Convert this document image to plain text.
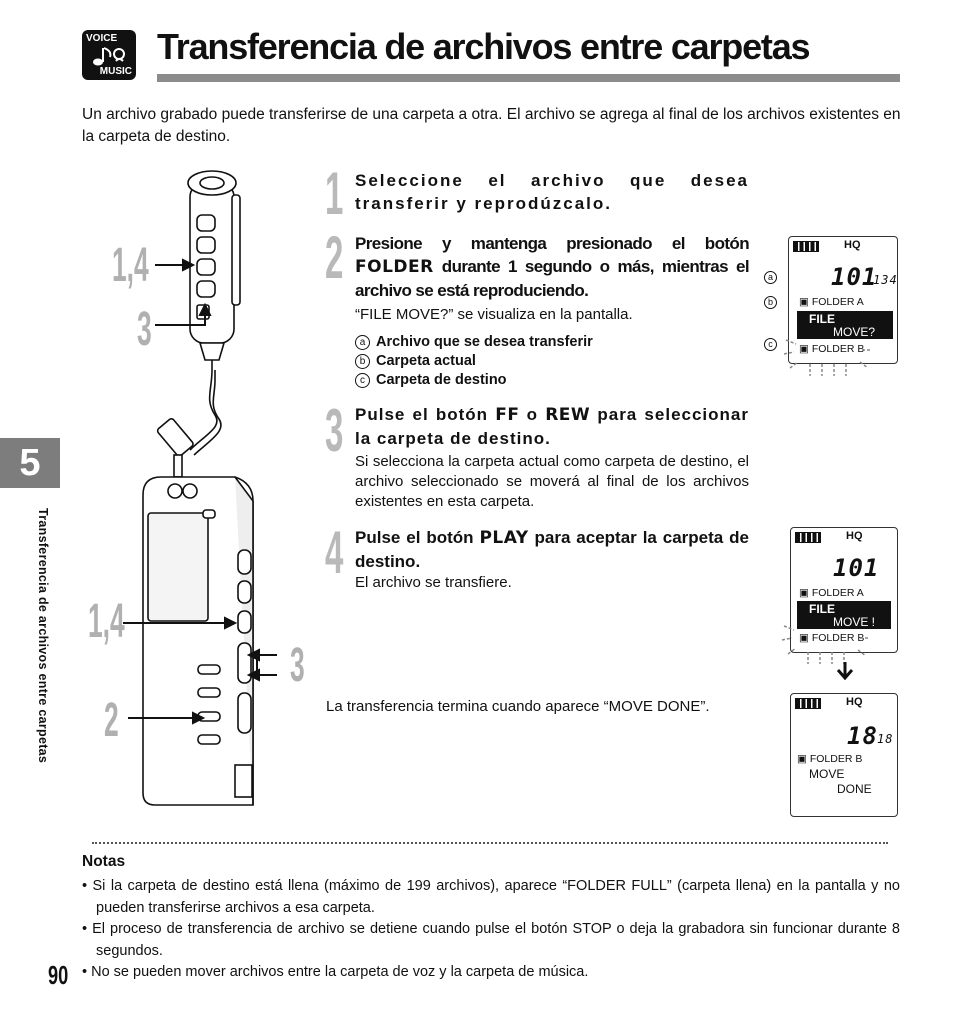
VOICE
MUSIC
Transferencia de archivos entre carpetas
Un archivo grabado puede transferirse de una carpeta a otra. El archivo se agrega al final de los archivos existentes en la carpeta de destino.
5
Transferencia de archivos entre carpetas
1,4
3
1,4
3
2
1 Seleccione el archivo que desea transferir y reprodúzcalo.
2 Presione y mantenga presionado el botón FOLDER durante 1 segundo o más, mientras el archivo se está reproduciendo.
“FILE MOVE?” se visualiza en la pantalla.
a Archivo que se desea transferir
b Carpeta actual
c Carpeta de destino
3 Pulse el botón FF o REW para seleccionar la carpeta de destino.
Si selecciona la carpeta actual como carpeta de destino, el archivo seleccionado se moverá al final de los archivos existentes en esta carpeta.
4 Pulse el botón PLAY para aceptar la carpeta de destino.
El archivo se transfiere.
La transferencia termina cuando aparece “MOVE DONE”.
a
b
c
HQ
101
134
▣ FOLDER A
FILE
MOVE?
▣ FOLDER B
HQ
101
▣ FOLDER A
FILE
MOVE !
▣ FOLDER B
HQ
18 18
▣ FOLDER B
MOVE
DONE
Notas
• Si la carpeta de destino está llena (máximo de 199 archivos), aparece “FOLDER FULL” (carpeta llena) en la pantalla y no pueden transferirse archivos a esa carpeta.
• El proceso de transferencia de archivo se detiene cuando pulse el botón STOP o deja la grabadora sin funcionar durante 8 segundos.
• No se pueden mover archivos entre la carpeta de voz y la carpeta de música.
90
